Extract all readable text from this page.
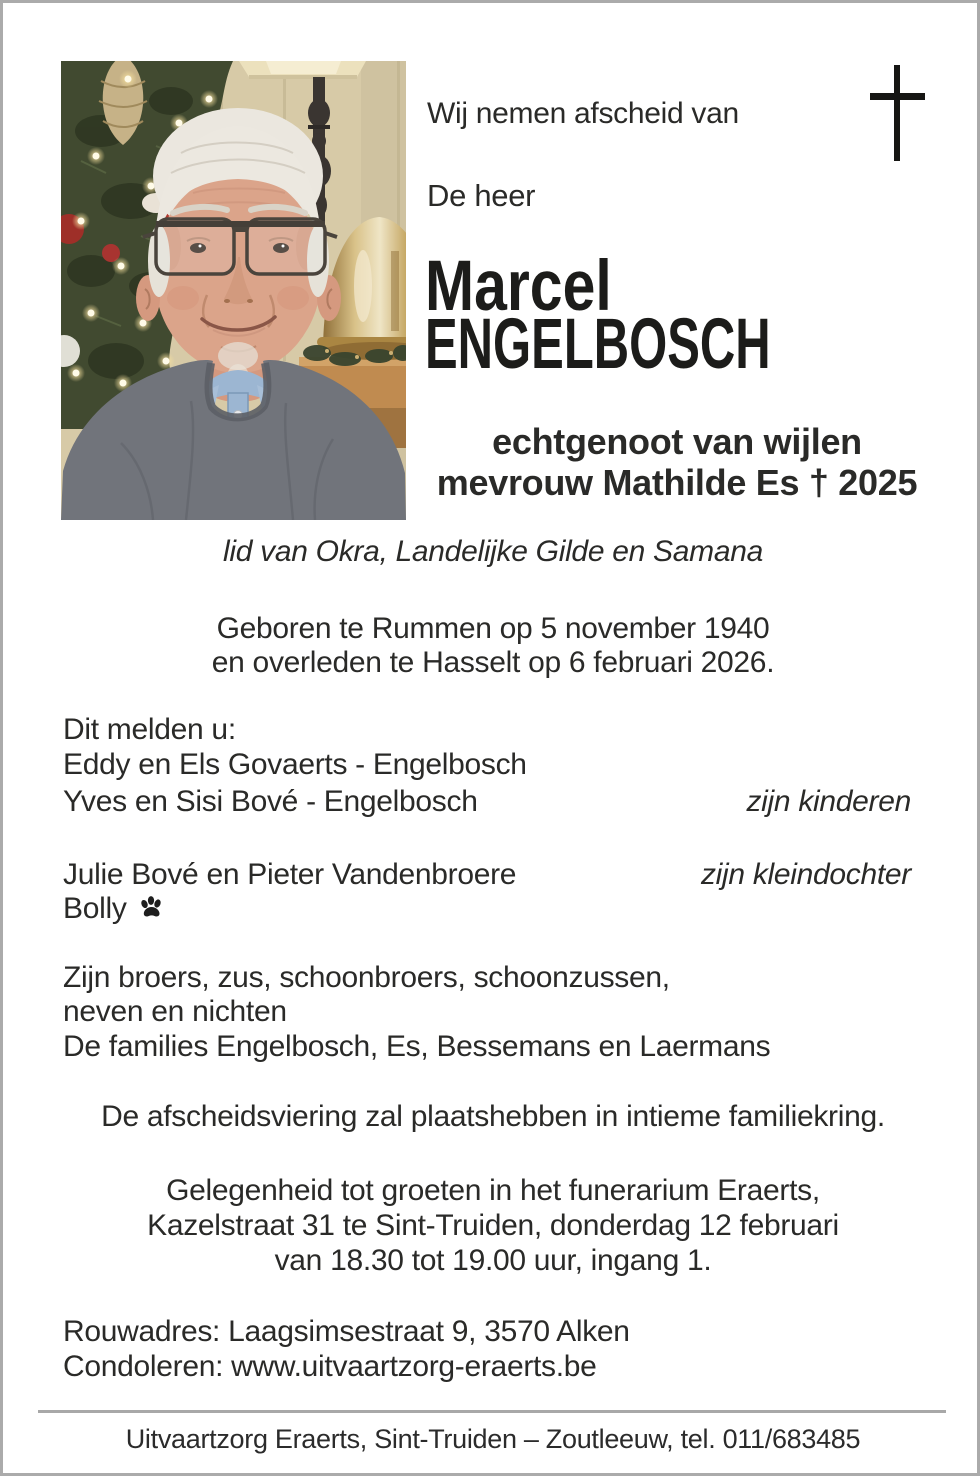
Wij nemen afscheid van
De heer
Marcel
ENGELBOSCH
echtgenoot van wijlen
mevrouw Mathilde Es † 2025
lid van Okra, Landelijke Gilde en Samana
Geboren te Rummen op 5 november 1940
en overleden te Hasselt op 6 februari 2026.
Dit melden u:
Eddy en Els Govaerts - Engelbosch
Yves en Sisi Bové - Engelbosch	zijn kinderen
Julie Bové en Pieter Vandenbroere	zijn kleindochter
Bolly
Zijn broers, zus, schoonbroers, schoonzussen,
neven en nichten
De families Engelbosch, Es, Bessemans en Laermans
De afscheidsviering zal plaatshebben in intieme familiekring.
Gelegenheid tot groeten in het funerarium Eraerts,
Kazelstraat 31 te Sint-Truiden, donderdag 12 februari
van 18.30 tot 19.00 uur, ingang 1.
Rouwadres: Laagsimsestraat 9, 3570 Alken
Condoleren: www.uitvaartzorg-eraerts.be
Uitvaartzorg Eraerts, Sint-Truiden – Zoutleeuw, tel. 011/683485
